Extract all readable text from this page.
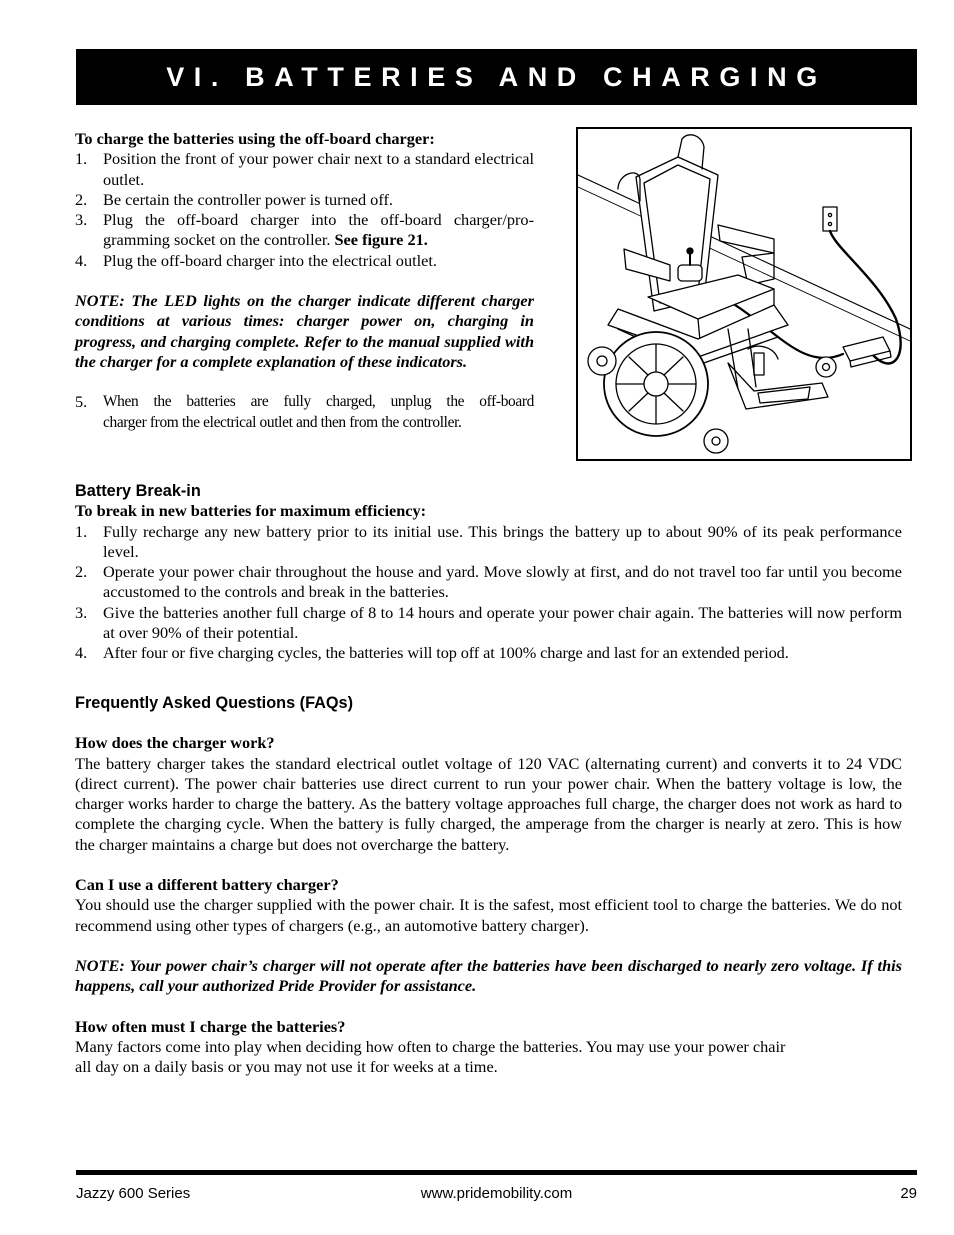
VI. BATTERIES AND CHARGING
To charge the batteries using the off-board charger:
1. Position the front of your power chair next to a standard electrical outlet.
2. Be certain the controller power is turned off.
3. Plug the off-board charger into the off-board charger/pro-gramming socket on the controller. See figure 21.
4. Plug the off-board charger into the electrical outlet.
NOTE: The LED lights on the charger indicate different charger conditions at various times: charger power on, charging in progress, and charging complete. Refer to the manual supplied with the charger for a complete explanation of these indicators.
5.	When the batteries are fully charged, unplug the off-board
charger from the electrical outlet and then from the controller.
Battery Break-in
To break in new batteries for maximum efficiency:
1. Fully recharge any new battery prior to its initial use. This brings the battery up to about 90% of its peak performance level.
2. Operate your power chair throughout the house and yard. Move slowly at first, and do not travel too far until you become accustomed to the controls and break in the batteries.
3. Give the batteries another full charge of 8 to 14 hours and operate your power chair again. The batteries will now perform at over 90% of their potential.
4. After four or five charging cycles, the batteries will top off at 100% charge and last for an extended period.
Frequently Asked Questions (FAQs)
How does the charger work?
The battery charger takes the standard electrical outlet voltage of 120 VAC (alternating current) and converts it to 24 VDC (direct current). The power chair batteries use direct current to run your power chair. When the battery voltage is low, the charger works harder to charge the battery. As the battery voltage approaches full charge, the charger does not work as hard to complete the charging cycle. When the battery is fully charged, the amperage from the charger is nearly at zero. This is how the charger maintains a charge but does not overcharge the battery.
Can I use a different battery charger?
You should use the charger supplied with the power chair. It is the safest, most efficient tool to charge the batteries. We do not recommend using other types of chargers (e.g., an automotive battery charger).
NOTE: Your power chair’s charger will not operate after the batteries have been discharged to nearly zero voltage. If this happens, call your authorized Pride Provider for assistance.
How often must I charge the batteries?
Many factors come into play when deciding how often to charge the batteries. You may use your power chair
all day on a daily basis or you may not use it for weeks at a time.
Jazzy 600 Series	www.pridemobility.com	29
